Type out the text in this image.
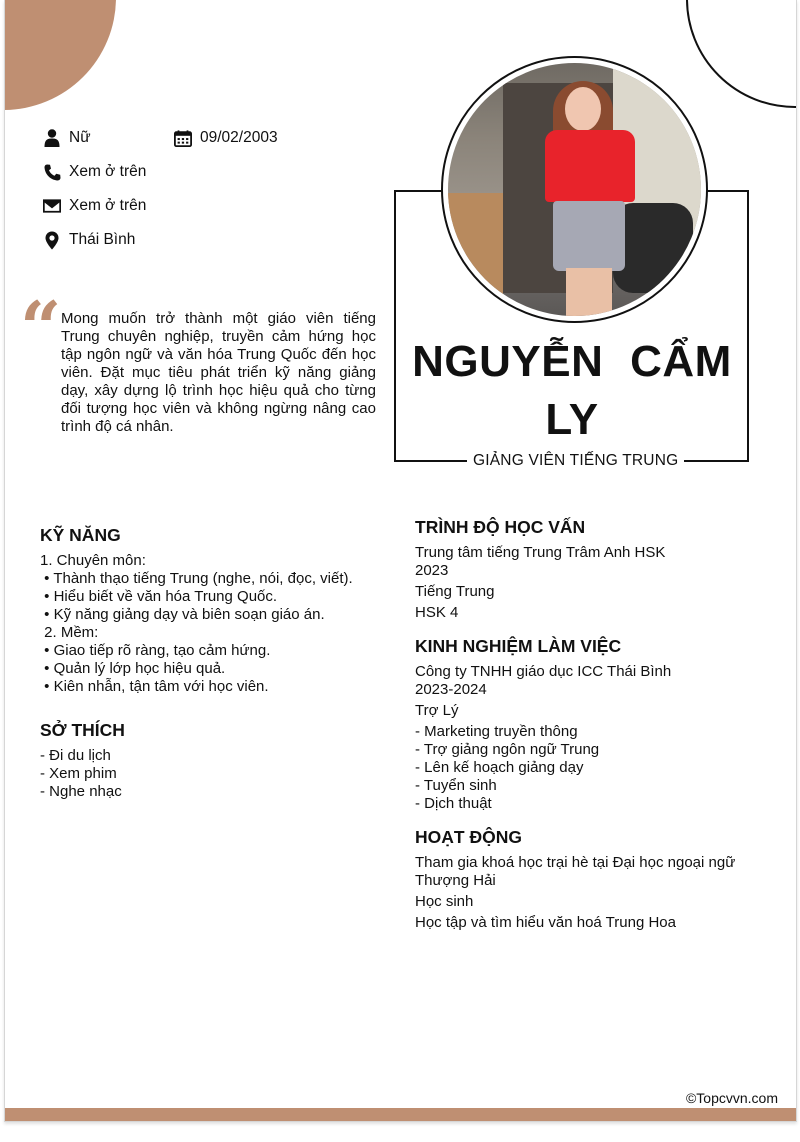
Nữ	09/02/2003
Xem ở trên
Xem ở trên
Thái Bình
“ Mong muốn trở thành một giáo viên tiếng Trung chuyên nghiệp, truyền cảm hứng học tập ngôn ngữ và văn hóa Trung Quốc đến học viên. Đặt mục tiêu phát triển kỹ năng giảng dạy, xây dựng lộ trình học hiệu quả cho từng đối tượng học viên và không ngừng nâng cao trình độ cá nhân.
NGUYỄN CẨM LY
GIẢNG VIÊN TIẾNG TRUNG
KỸ NĂNG
1. Chuyên môn:
• Thành thạo tiếng Trung (nghe, nói, đọc, viết).
• Hiểu biết về văn hóa Trung Quốc.
• Kỹ năng giảng dạy và biên soạn giáo án.
2. Mềm:
• Giao tiếp rõ ràng, tạo cảm hứng.
• Quản lý lớp học hiệu quả.
• Kiên nhẫn, tận tâm với học viên.
SỞ THÍCH
- Đi du lịch
- Xem phim
- Nghe nhạc
TRÌNH ĐỘ HỌC VẤN
Trung tâm tiếng Trung Trâm Anh HSK
2023
Tiếng Trung
HSK 4
KINH NGHIỆM LÀM VIỆC
Công ty TNHH giáo dục ICC Thái Bình
2023-2024
Trợ Lý
- Marketing truyền thông
- Trợ giảng ngôn ngữ Trung
- Lên kế hoạch giảng dạy
- Tuyển sinh
- Dịch thuật
HOẠT ĐỘNG
Tham gia khoá học trại hè tại Đại học ngoại ngữ
Thượng Hải
Học sinh
Học tập và tìm hiểu văn hoá Trung Hoa
©Topcvvn.com
